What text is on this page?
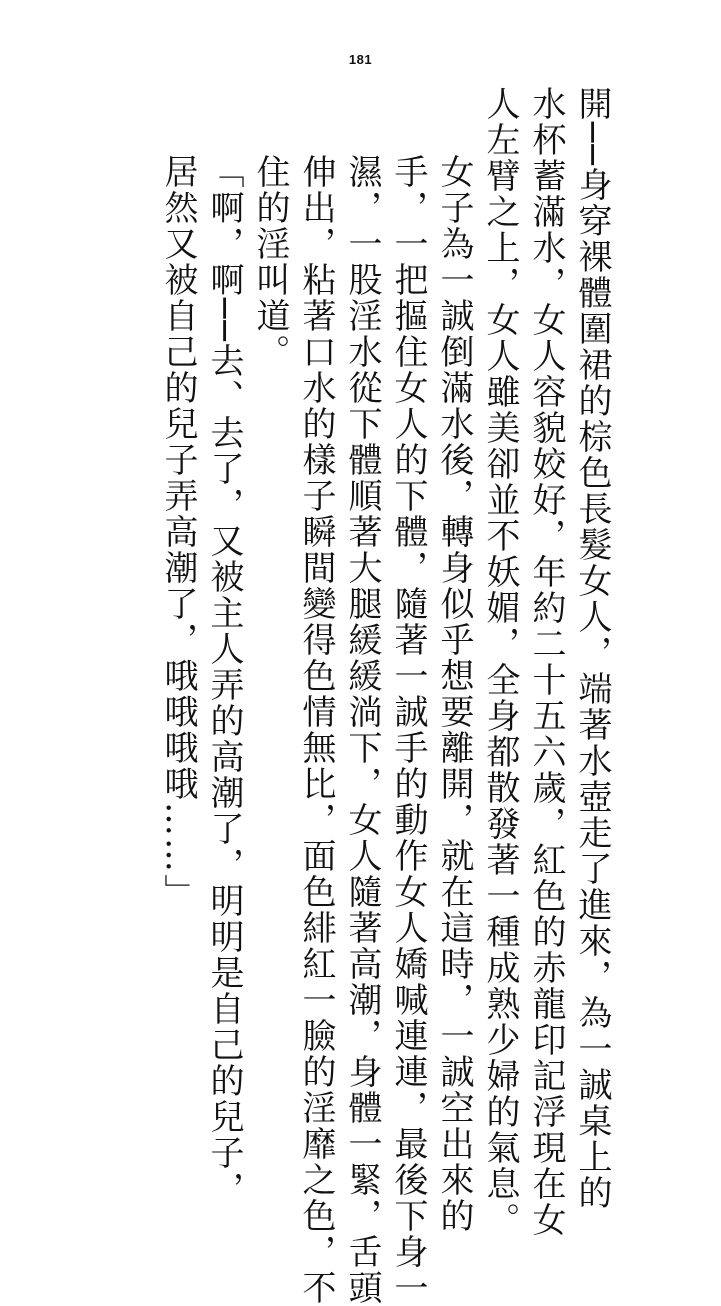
181
開──身穿裸體圍裙的棕色長髮女人，端著水壺走了進來，為一誠桌上的
水杯蓄滿水，女人容貌姣好，年約二十五六歲，紅色的赤龍印記浮現在女
人左臂之上，女人雖美卻並不妖媚，全身都散發著一種成熟少婦的氣息。
女子為一誠倒滿水後，轉身似乎想要離開，就在這時，一誠空出來的
手，一把摳住女人的下體，隨著一誠手的動作女人嬌喊連連，最後下身一
濕，一股淫水從下體順著大腿緩緩淌下，女人隨著高潮，身體一緊，舌頭
伸出，粘著口水的樣子瞬間變得色情無比，面色緋紅一臉的淫靡之色，不
住的淫叫道。
「啊，啊──去、去了，又被主人弄的高潮了，明明是自己的兒子，
居然又被自己的兒子弄高潮了，哦哦哦哦……」
